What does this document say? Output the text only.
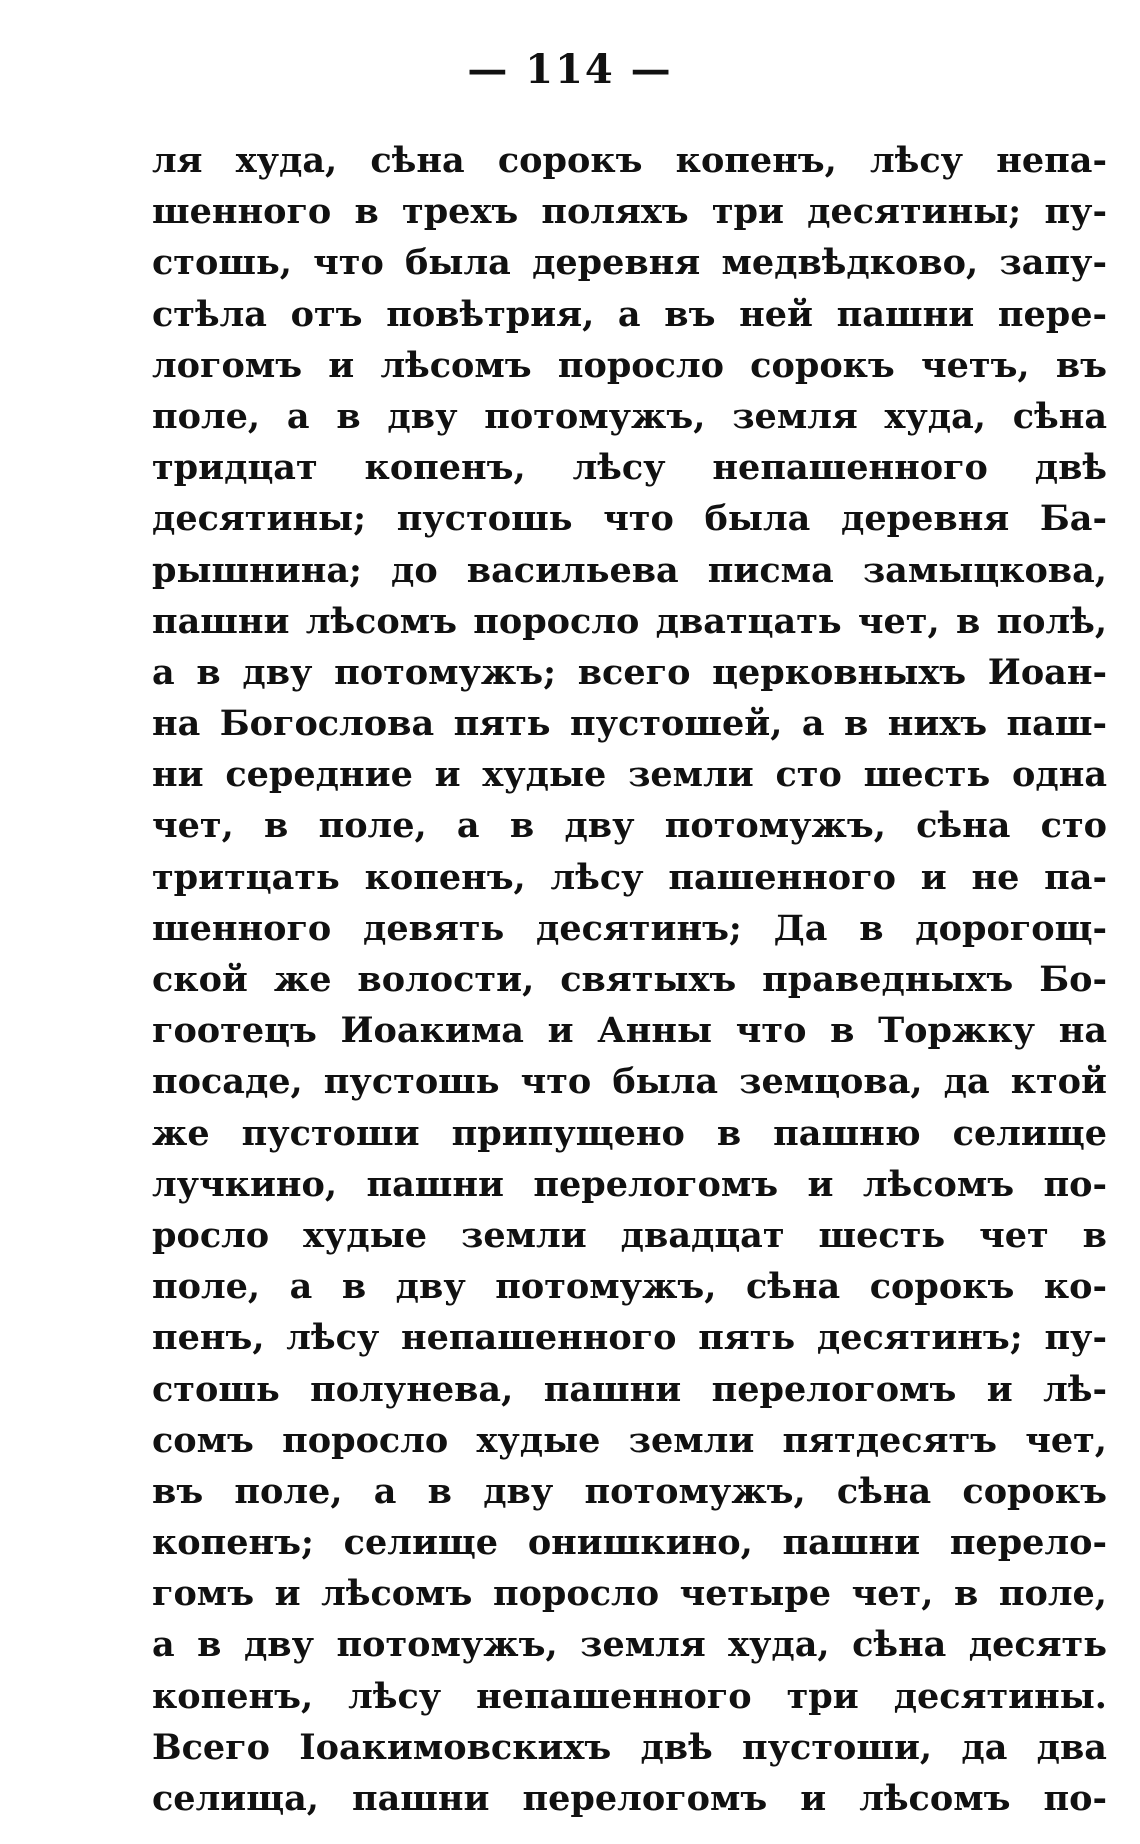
— 114 —
ля худа, сѣна сорокъ копенъ, лѣсу непа-
шенного в трехъ поляхъ три десятины; пу-
стошь, что была деревня медвѣдково, запу-
стѣла отъ повѣтрия, а въ ней пашни пере-
логомъ и лѣсомъ поросло сорокъ четъ, въ
поле, а в дву потомужъ, земля худа, сѣна
тридцат копенъ, лѣсу непашенного двѣ
десятины; пустошь что была деревня Ба-
рышнина; до васильева писма замыцкова,
пашни лѣсомъ поросло дватцать чет, в полѣ,
а в дву потомужъ; всего церковныхъ Иоан-
на Богослова пять пустошей, а в нихъ паш-
ни середние и худые земли сто шесть одна
чет, в поле, а в дву потомужъ, сѣна сто
тритцать копенъ, лѣсу пашенного и не па-
шенного девять десятинъ; Да в дорогощ-
ской же волости, святыхъ праведныхъ Бо-
гоотецъ Иоакима и Анны что в Торжку на
посаде, пустошь что была земцова, да ктой
же пустоши припущено в пашню селище
лучкино, пашни перелогомъ и лѣсомъ по-
росло худые земли двадцат шесть чет в
поле, а в дву потомужъ, сѣна сорокъ ко-
пенъ, лѣсу непашенного пять десятинъ; пу-
стошь полунева, пашни перелогомъ и лѣ-
сомъ поросло худые земли пятдесятъ чет,
въ поле, а в дву потомужъ, сѣна сорокъ
копенъ; селище онишкино, пашни перело-
гомъ и лѣсомъ поросло четыре чет, в поле,
а в дву потомужъ, земля худа, сѣна десять
копенъ, лѣсу непашенного три десятины.
Всего Іоакимовскихъ двѣ пустоши, да два
селища, пашни перелогомъ и лѣсомъ по-
